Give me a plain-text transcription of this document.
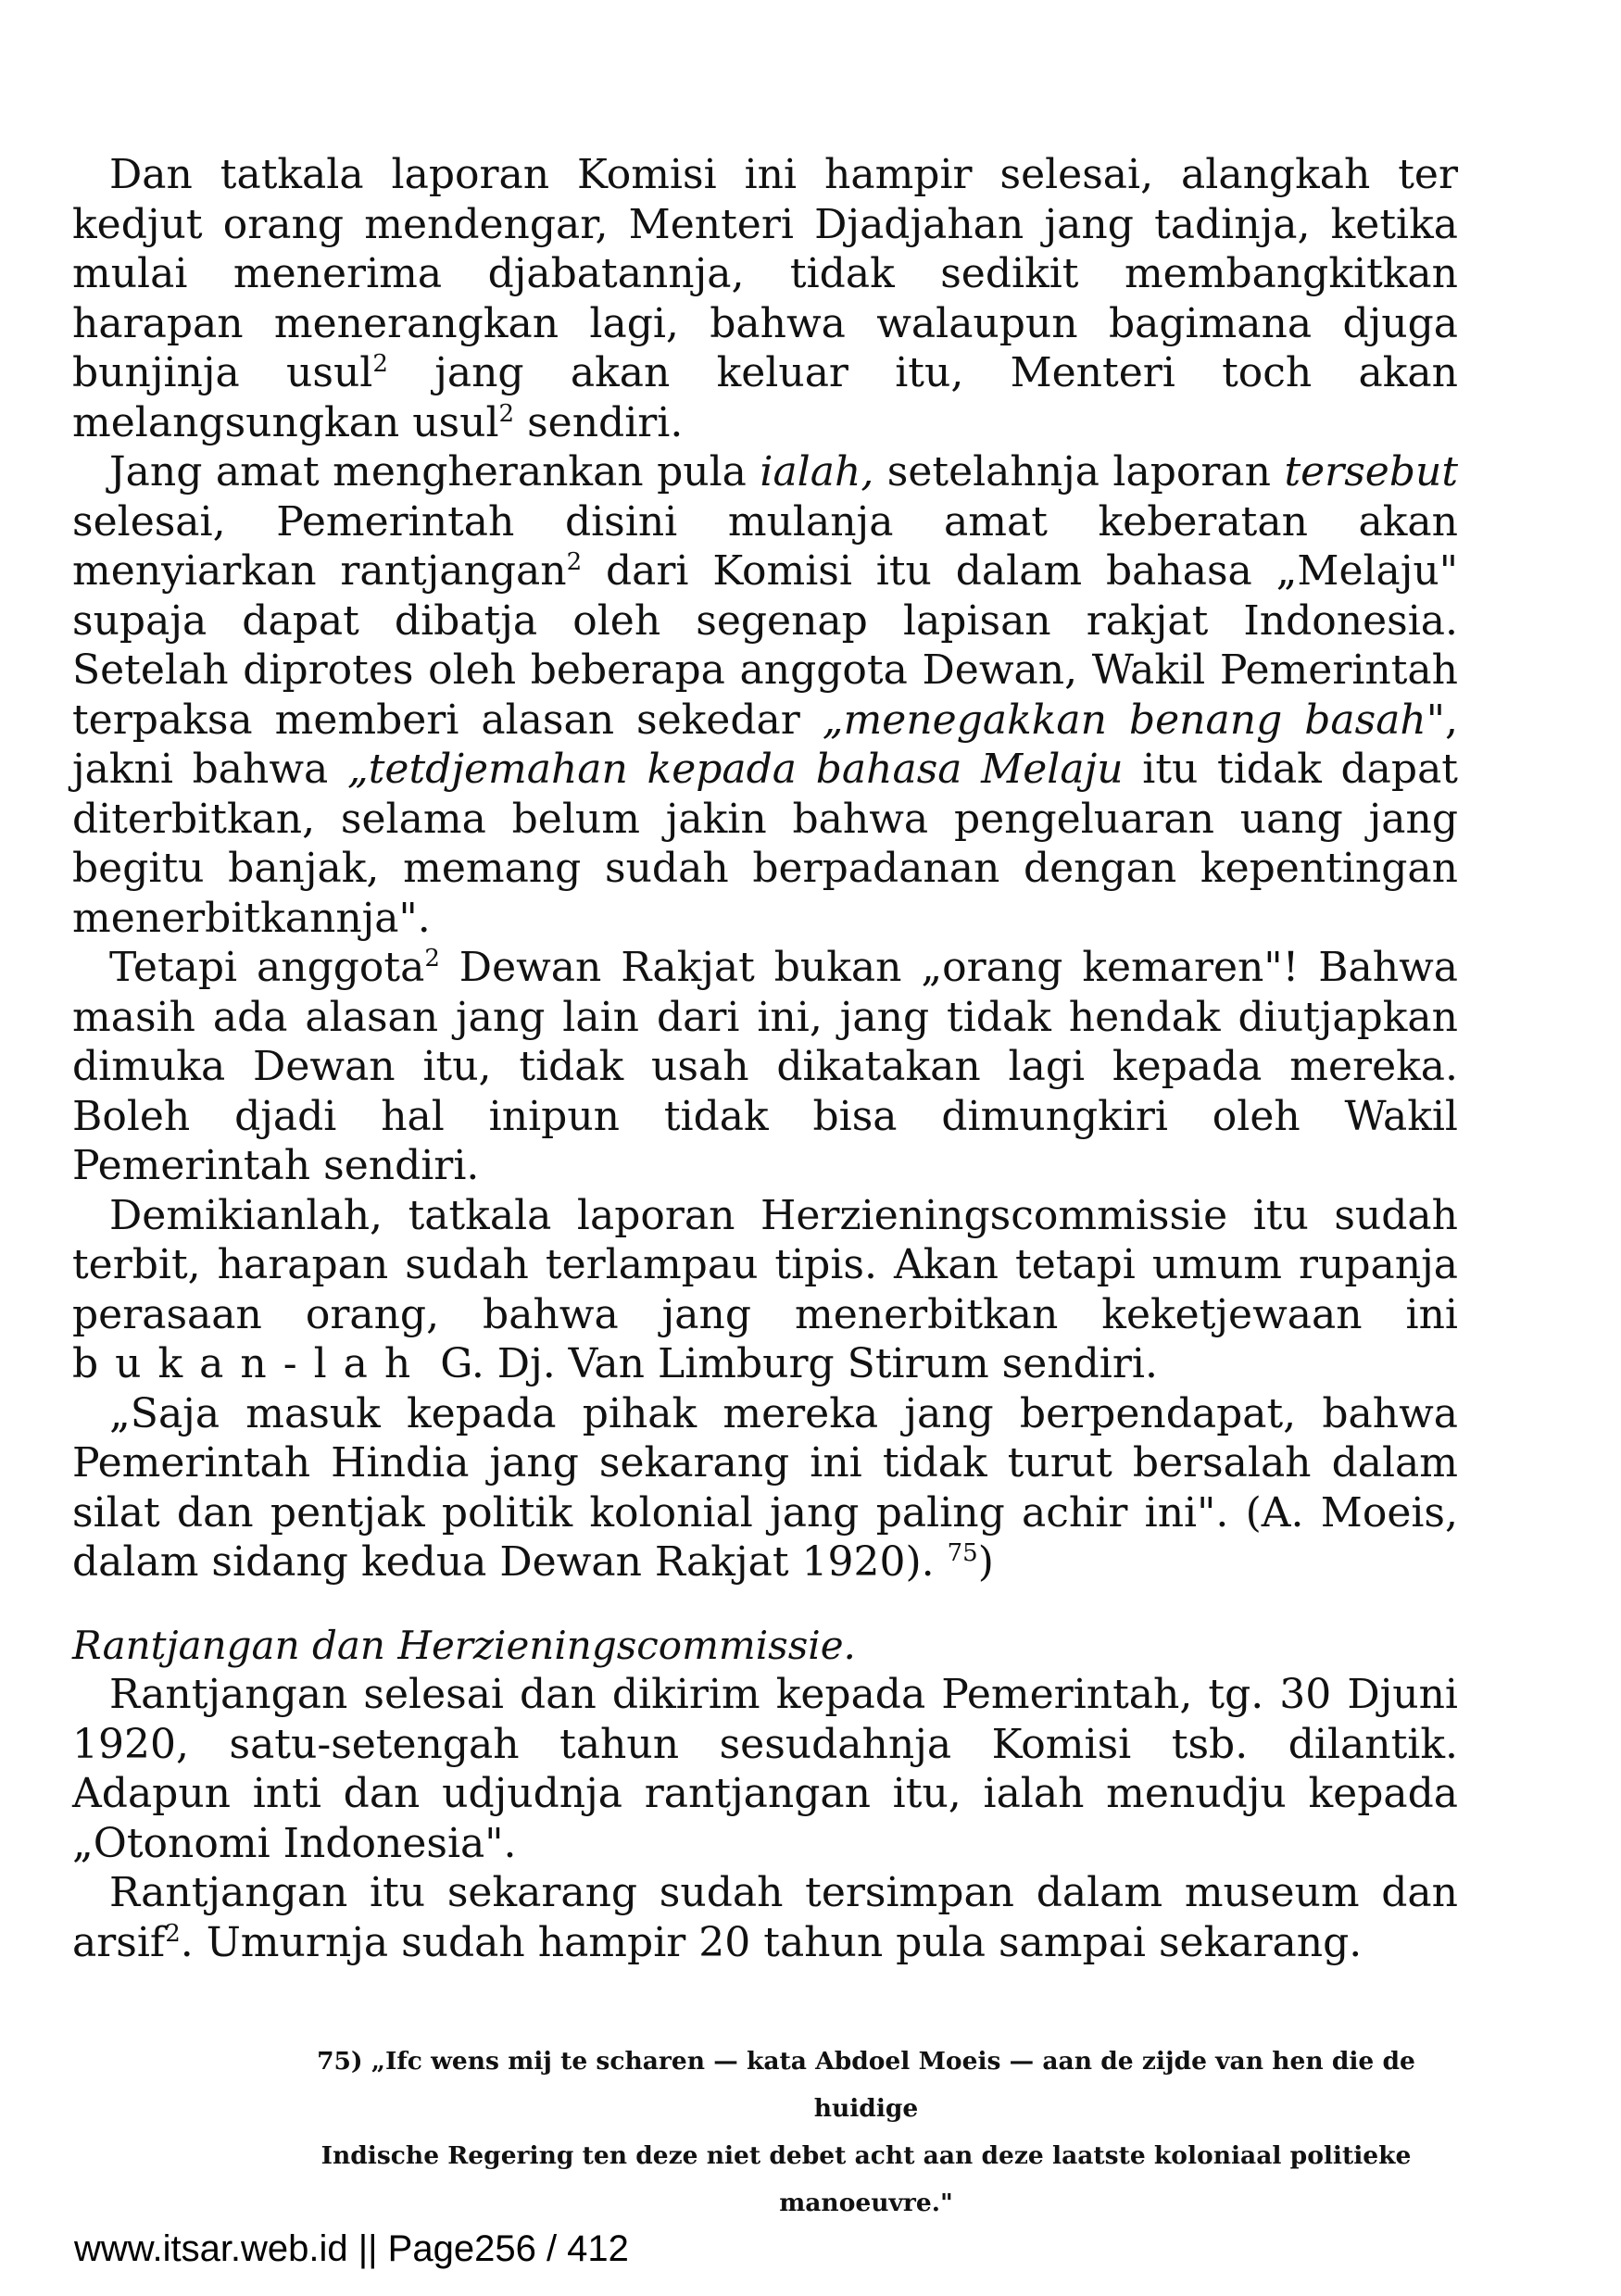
Dan tatkala laporan Komisi ini hampir selesai, alangkah ter kedjut orang mendengar, Menteri Djadjahan jang tadinja, ketika mulai menerima djabatannja, tidak sedikit membangkitkan harapan menerangkan lagi, bahwa walaupun bagimana djuga bunjinja usul$^2$ jang akan keluar itu, Menteri toch akan melangsungkan usul$^2$ sendiri.

Jang amat mengherankan pula ialah, setelahnja laporan tersebut selesai, Pemerintah disini mulanja amat keberatan akan menyiarkan rantjangan$^2$ dari Komisi itu dalam bahasa „Melaju" supaja dapat dibatja oleh segenap lapisan rakjat Indonesia. Setelah diprotes oleh beberapa anggota Dewan, Wakil Pemerintah terpaksa memberi alasan sekedar „menegakkan benang basah", jakni bahwa „tetdjemahan kepada bahasa Melaju itu tidak dapat diterbitkan, selama belum jakin bahwa pengeluaran uang jang begitu banjak, memang sudah berpadanan dengan kepentingan menerbitkannja".

Tetapi anggota$^2$ Dewan Rakjat bukan „orang kemaren"! Bahwa masih ada alasan jang lain dari ini, jang tidak hendak diutjapkan dimuka Dewan itu, tidak usah dikatakan lagi kepada mereka. Boleh djadi hal inipun tidak bisa dimungkiri oleh Wakil Pemerintah sendiri.

Demikianlah, tatkala laporan Herzieningscommissie itu sudah terbit, harapan sudah terlampau tipis. Akan tetapi umum rupanja perasaan orang, bahwa jang menerbitkan keketjewaan ini bukan-lah G. Dj. Van Limburg Stirum sendiri.

„Saja masuk kepada pihak mereka jang berpendapat, bahwa Pemerintah Hindia jang sekarang ini tidak turut bersalah dalam silat dan pentjak politik kolonial jang paling achir ini". (A. Moeis, dalam sidang kedua Dewan Rakjat 1920). $^{75}$)

Rantjangan dan Herzieningscommissie.

Rantjangan selesai dan dikirim kepada Pemerintah, tg. 30 Djuni 1920, satu-setengah tahun sesudahnja Komisi tsb. dilantik. Adapun inti dan udjudnja rantjangan itu, ialah menudju kepada „Otonomi Indonesia".

Rantjangan itu sekarang sudah tersimpan dalam museum dan arsif$^2$. Umurnja sudah hampir 20 tahun pula sampai sekarang.

75) „Ifc wens mij te scharen — kata Abdoel Moeis — aan de zijde van hen die de huidige
Indische Regering ten deze niet debet acht aan deze laatste koloniaal politieke manoeuvre."
www.itsar.web.id || Page256 / 412
